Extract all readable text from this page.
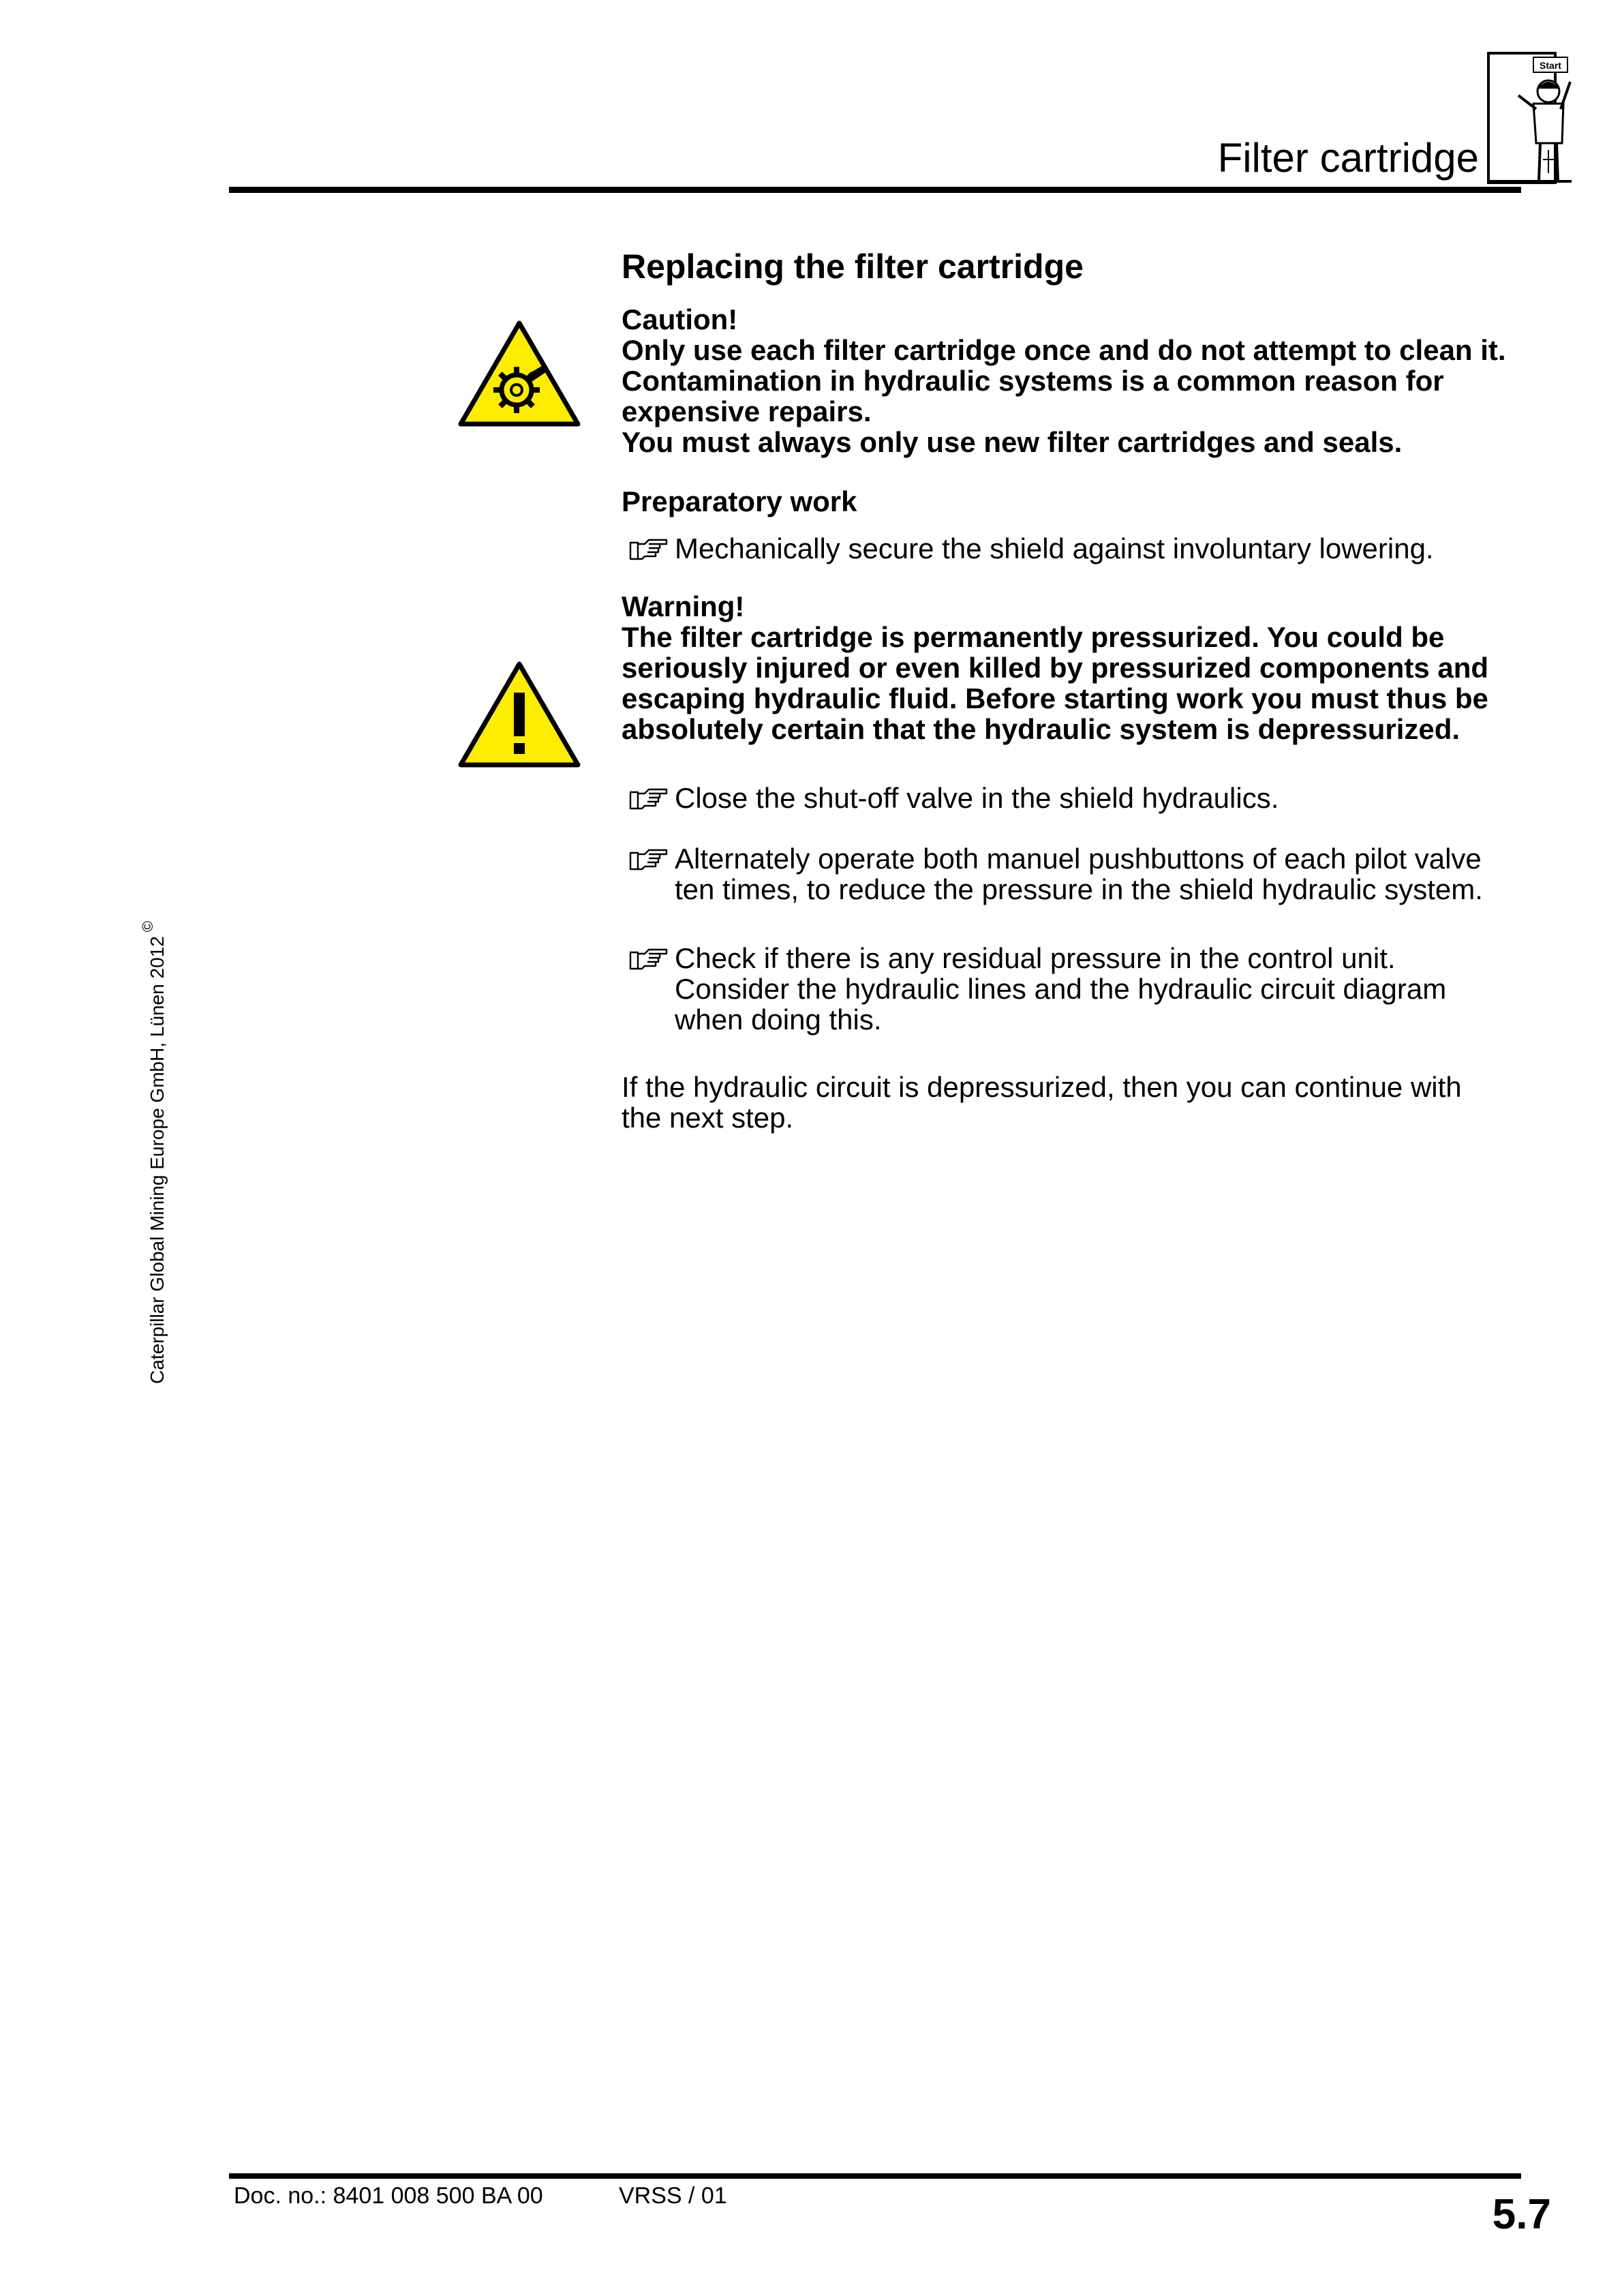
Filter cartridge
Start
Caterpillar Global Mining Europe GmbH, Lünen 2012©
Replacing the filter cartridge

Caution!

Only use each filter cartridge once and do not attempt to clean it.

Contamination in hydraulic systems is a common reason for expensive repairs.

You must always only use new filter cartridges and seals.

Preparatory work
Mechanically secure the shield against involuntary lowering.

Warning!

The filter cartridge is permanently pressurized. You could be seriously injured or even killed by pressurized components and escaping hydraulic fluid. Before starting work you must thus be absolutely certain that the hydraulic system is depressurized.

Close the shut-off valve in the shield hydraulics.
Alternately operate both manuel pushbuttons of each pilot valve ten times, to reduce the pressure in the shield hydraulic system.
Check if there is any residual pressure in the control unit. Consider the hydraulic lines and the hydraulic circuit diagram when doing this.

If the hydraulic circuit is depressurized, then you can continue with the next step.

Doc. no.: 8401 008 500 BA 00	VRSS / 01	5.7
